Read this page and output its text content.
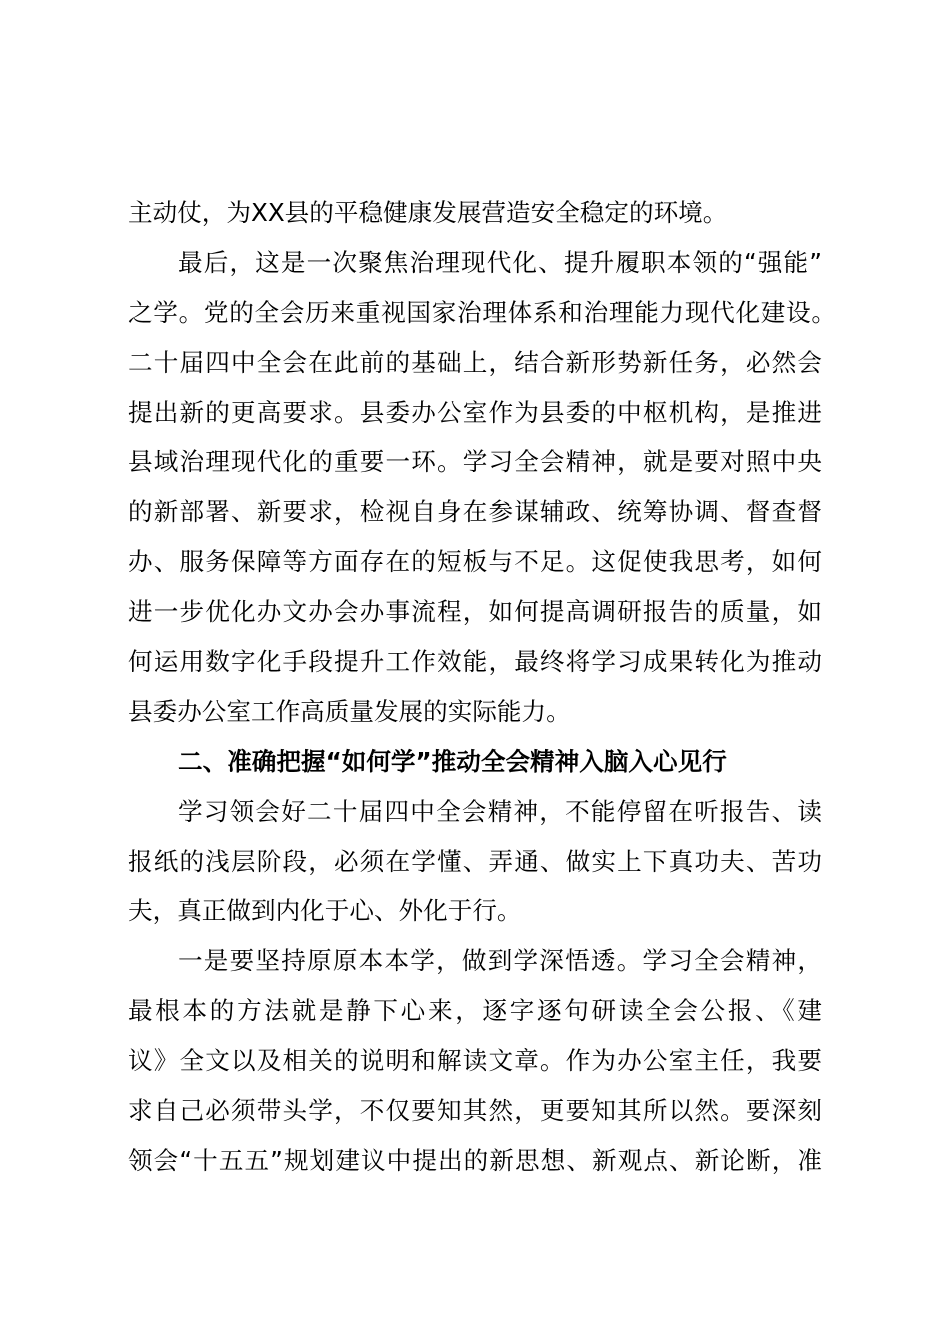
主动仗，为XX县的平稳健康发展营造安全稳定的环境。
最后，这是一次聚焦治理现代化、提升履职本领的“强能”
之学。党的全会历来重视国家治理体系和治理能力现代化建设。
二十届四中全会在此前的基础上，结合新形势新任务，必然会
提出新的更高要求。县委办公室作为县委的中枢机构，是推进
县域治理现代化的重要一环。学习全会精神，就是要对照中央
的新部署、新要求，检视自身在参谋辅政、统筹协调、督查督
办、服务保障等方面存在的短板与不足。这促使我思考，如何
进一步优化办文办会办事流程，如何提高调研报告的质量，如
何运用数字化手段提升工作效能，最终将学习成果转化为推动
县委办公室工作高质量发展的实际能力。
二、准确把握“如何学”推动全会精神入脑入心见行
学习领会好二十届四中全会精神，不能停留在听报告、读
报纸的浅层阶段，必须在学懂、弄通、做实上下真功夫、苦功
夫，真正做到内化于心、外化于行。
一是要坚持原原本本学，做到学深悟透。学习全会精神，
最根本的方法就是静下心来，逐字逐句研读全会公报、《建
议》全文以及相关的说明和解读文章。作为办公室主任，我要
求自己必须带头学，不仅要知其然，更要知其所以然。要深刻
领会“十五五”规划建议中提出的新思想、新观点、新论断，准
